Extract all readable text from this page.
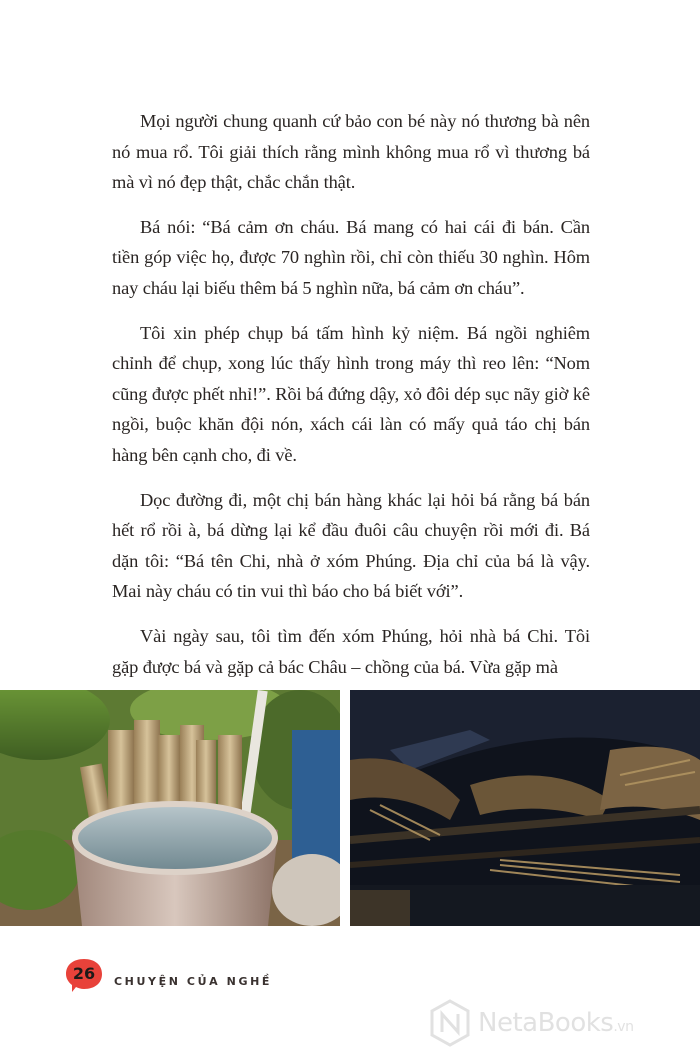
Mọi người chung quanh cứ bảo con bé này nó thương bà nên nó mua rổ. Tôi giải thích rằng mình không mua rổ vì thương bá mà vì nó đẹp thật, chắc chắn thật.

Bá nói: “Bá cảm ơn cháu. Bá mang có hai cái đi bán. Cần tiền góp việc họ, được 70 nghìn rồi, chỉ còn thiếu 30 nghìn. Hôm nay cháu lại biếu thêm bá 5 nghìn nữa, bá cảm ơn cháu”.

Tôi xin phép chụp bá tấm hình kỷ niệm. Bá ngồi nghiêm chỉnh để chụp, xong lúc thấy hình trong máy thì reo lên: “Nom cũng được phết nhỉ!”. Rồi bá đứng dậy, xỏ đôi dép sục nãy giờ kê ngồi, buộc khăn đội nón, xách cái làn có mấy quả táo chị bán hàng bên cạnh cho, đi về.

Dọc đường đi, một chị bán hàng khác lại hỏi bá rằng bá bán hết rổ rồi à, bá dừng lại kể đầu đuôi câu chuyện rồi mới đi. Bá dặn tôi: “Bá tên Chi, nhà ở xóm Phúng. Địa chỉ của bá là vậy. Mai này cháu có tin vui thì báo cho bá biết với”.

Vài ngày sau, tôi tìm đến xóm Phúng, hỏi nhà bá Chi. Tôi gặp được bá và gặp cả bác Châu – chồng của bá. Vừa gặp mà

26	CHUYỆN CỦA NGHỀ
NetaBooks.vn
